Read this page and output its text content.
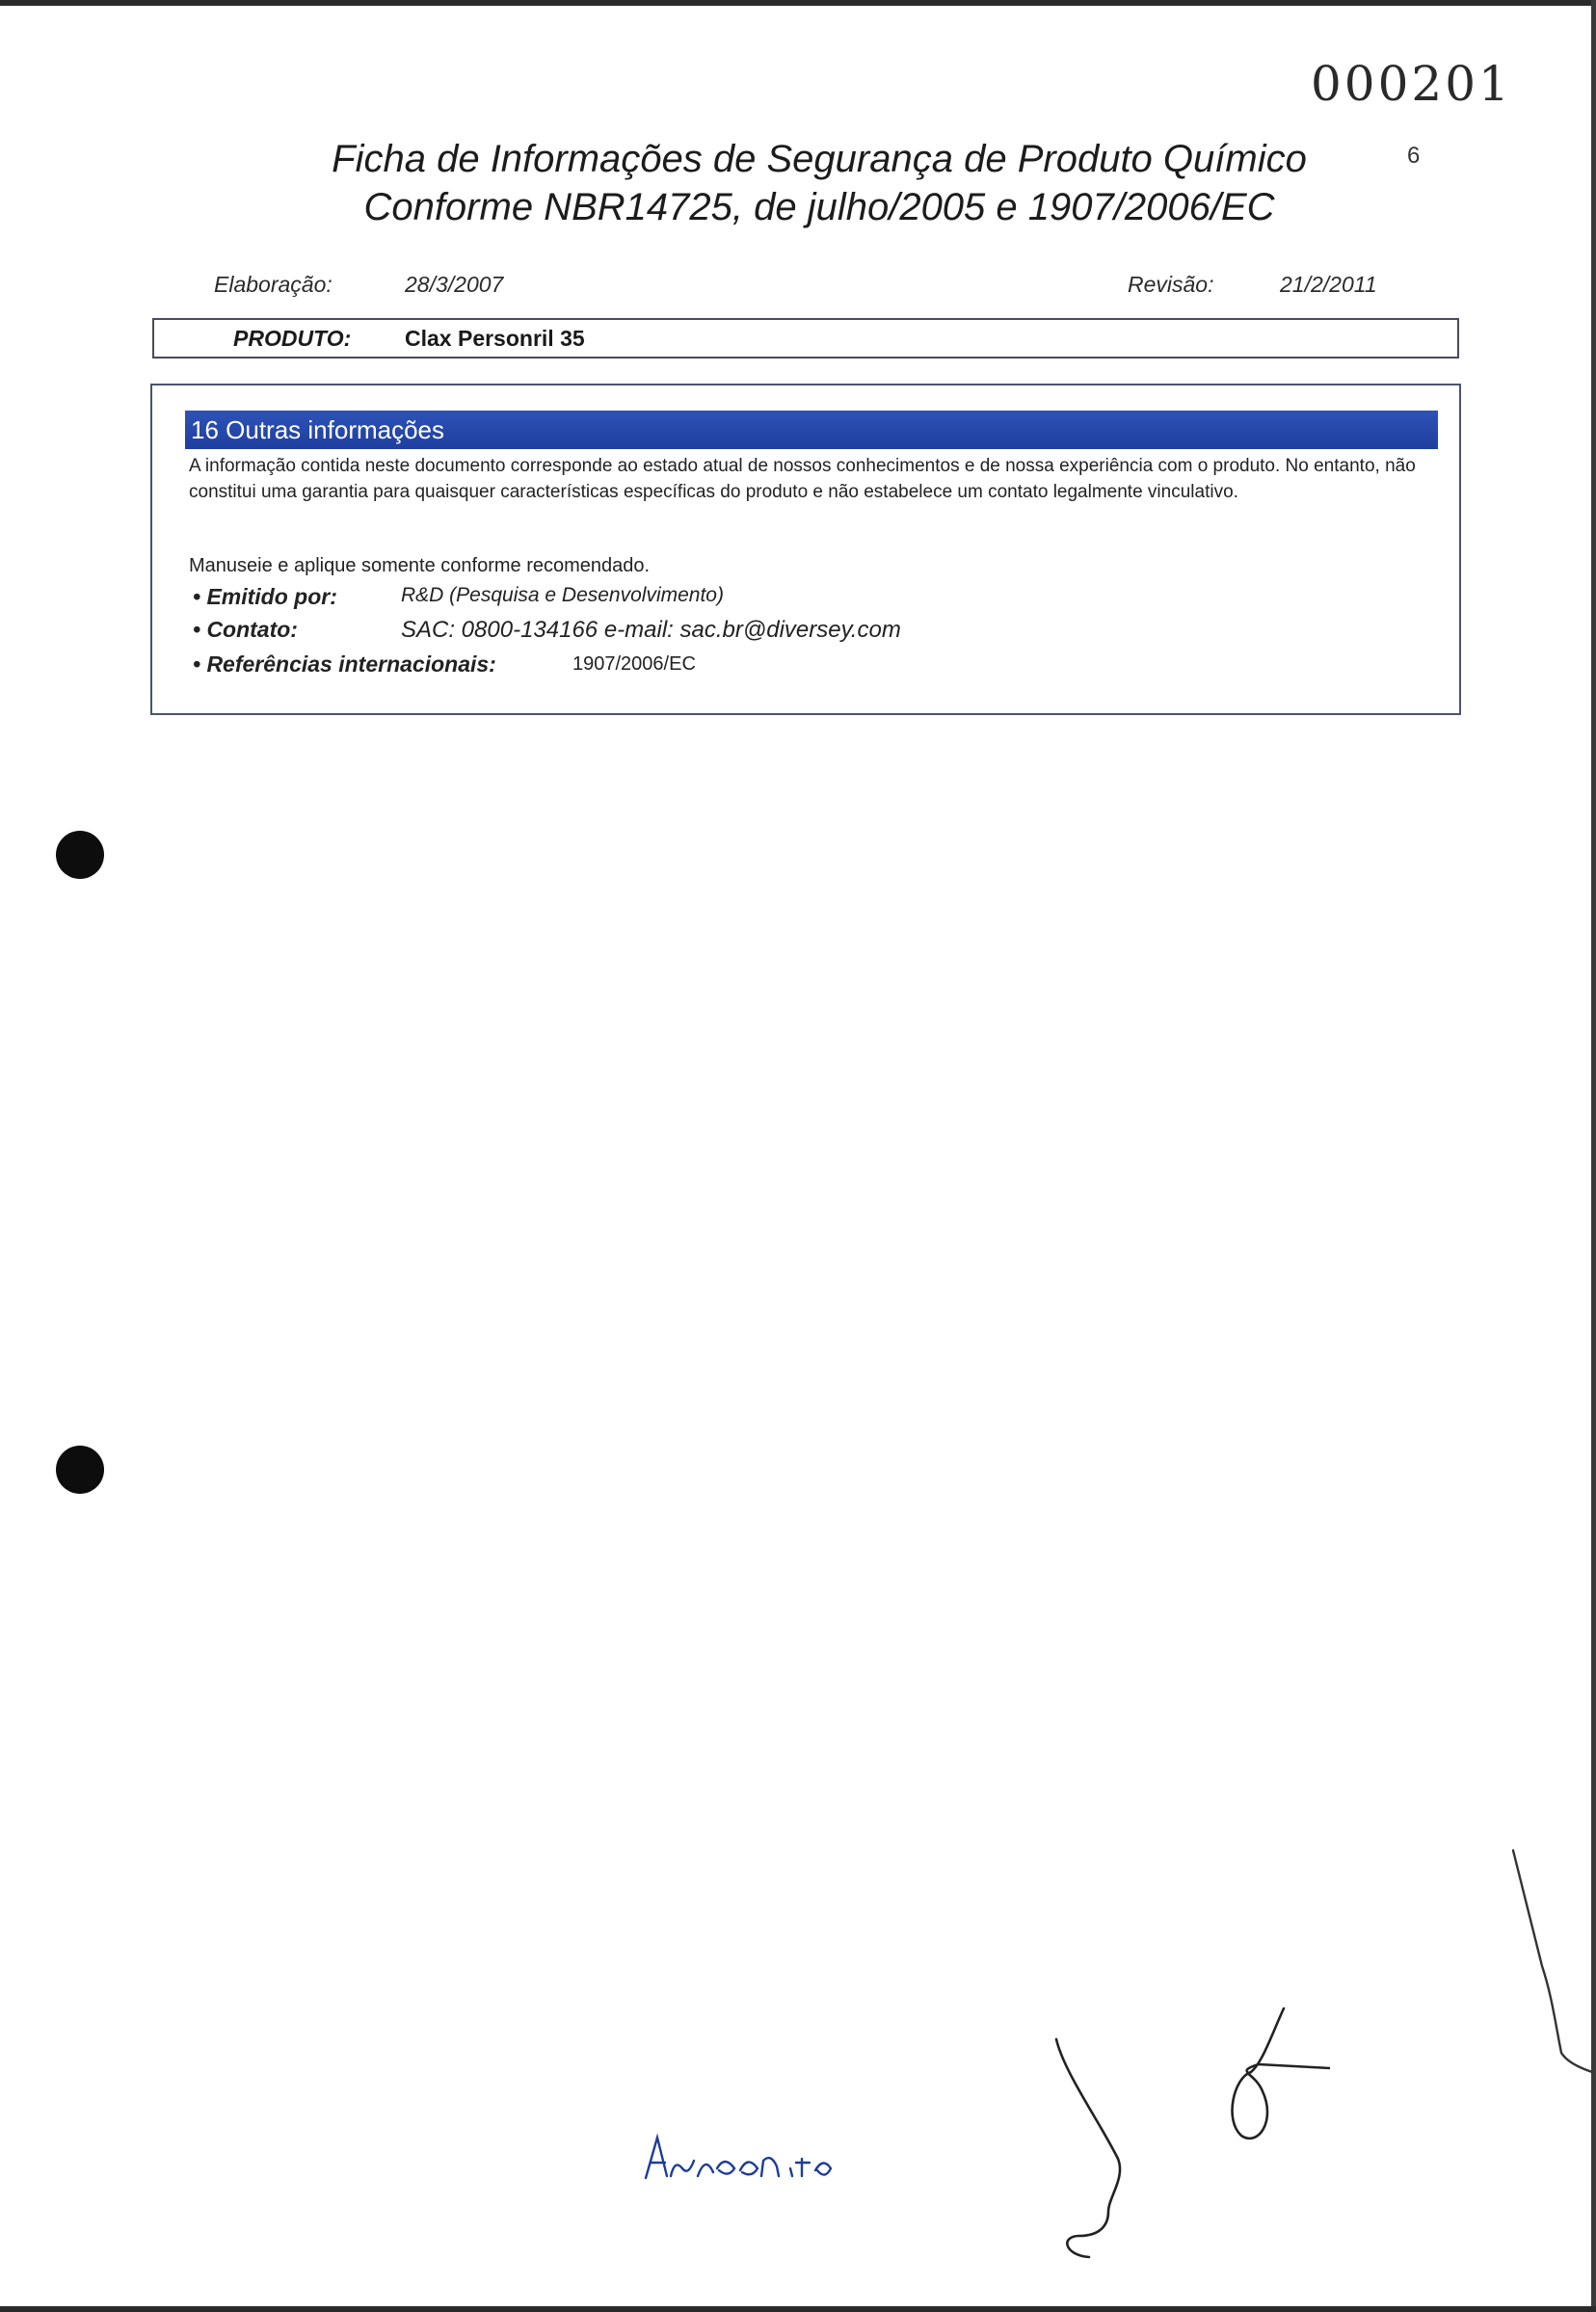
000201
6
Ficha de Informações de Segurança de Produto Químico
Conforme NBR14725, de julho/2005 e 1907/2006/EC
Elaboração:	28/3/2007	Revisão:	21/2/2011
PRODUTO: Clax Personril 35
16 Outras informações
A informação contida neste documento corresponde ao estado atual de nossos conhecimentos e de nossa experiência com o produto. No entanto, não constitui uma garantia para quaisquer características específicas do produto e não estabelece um contato legalmente vinculativo.
Manuseie e aplique somente conforme recomendado.
• Emitido por:	R&D (Pesquisa e Desenvolvimento)
• Contato:	SAC: 0800-134166 e-mail: sac.br@diversey.com
• Referências internacionais:	1907/2006/EC
